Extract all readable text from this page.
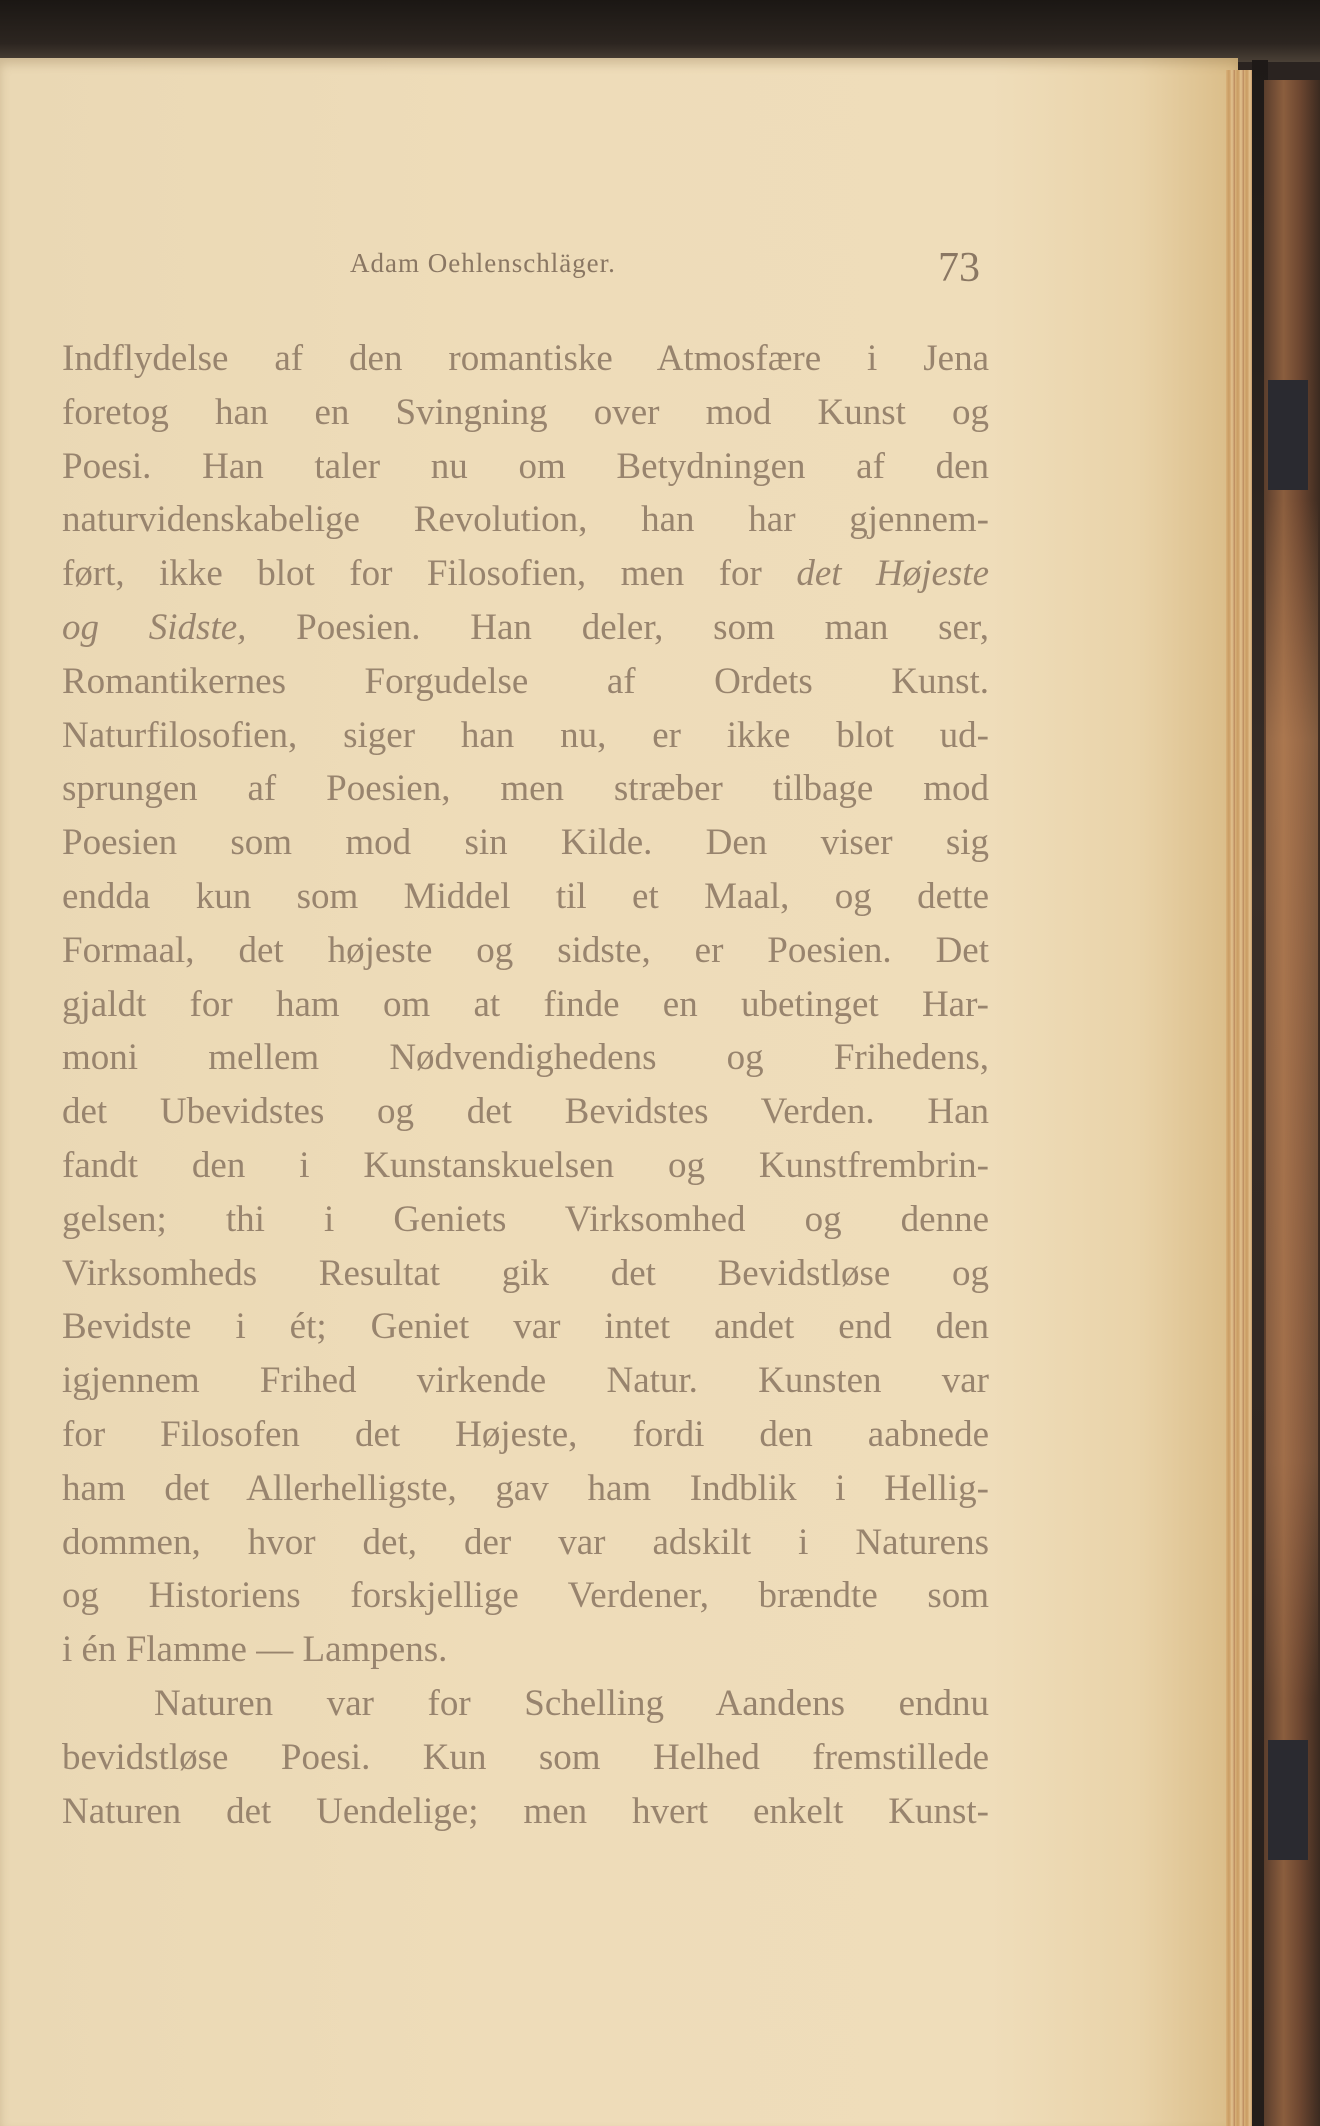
Adam Oehlenschläger.	73
Indflydelse af den romantiske Atmosfære i Jena
foretog han en Svingning over mod Kunst og
Poesi. Han taler nu om Betydningen af den
naturvidenskabelige Revolution, han har gjennem-
ført, ikke blot for Filosofien, men for det Højeste
og Sidste, Poesien. Han deler, som man ser,
Romantikernes Forgudelse af Ordets Kunst.
Naturfilosofien, siger han nu, er ikke blot ud-
sprungen af Poesien, men stræber tilbage mod
Poesien som mod sin Kilde. Den viser sig
endda kun som Middel til et Maal, og dette
Formaal, det højeste og sidste, er Poesien. Det
gjaldt for ham om at finde en ubetinget Har-
moni mellem Nødvendighedens og Frihedens,
det Ubevidstes og det Bevidstes Verden. Han
fandt den i Kunstanskuelsen og Kunstfrembrin-
gelsen; thi i Geniets Virksomhed og denne
Virksomheds Resultat gik det Bevidstløse og
Bevidste i ét; Geniet var intet andet end den
igjennem Frihed virkende Natur. Kunsten var
for Filosofen det Højeste, fordi den aabnede
ham det Allerhelligste, gav ham Indblik i Hellig-
dommen, hvor det, der var adskilt i Naturens
og Historiens forskjellige Verdener, brændte som
i én Flamme — Lampens.
Naturen var for Schelling Aandens endnu
bevidstløse Poesi. Kun som Helhed fremstillede
Naturen det Uendelige; men hvert enkelt Kunst-
